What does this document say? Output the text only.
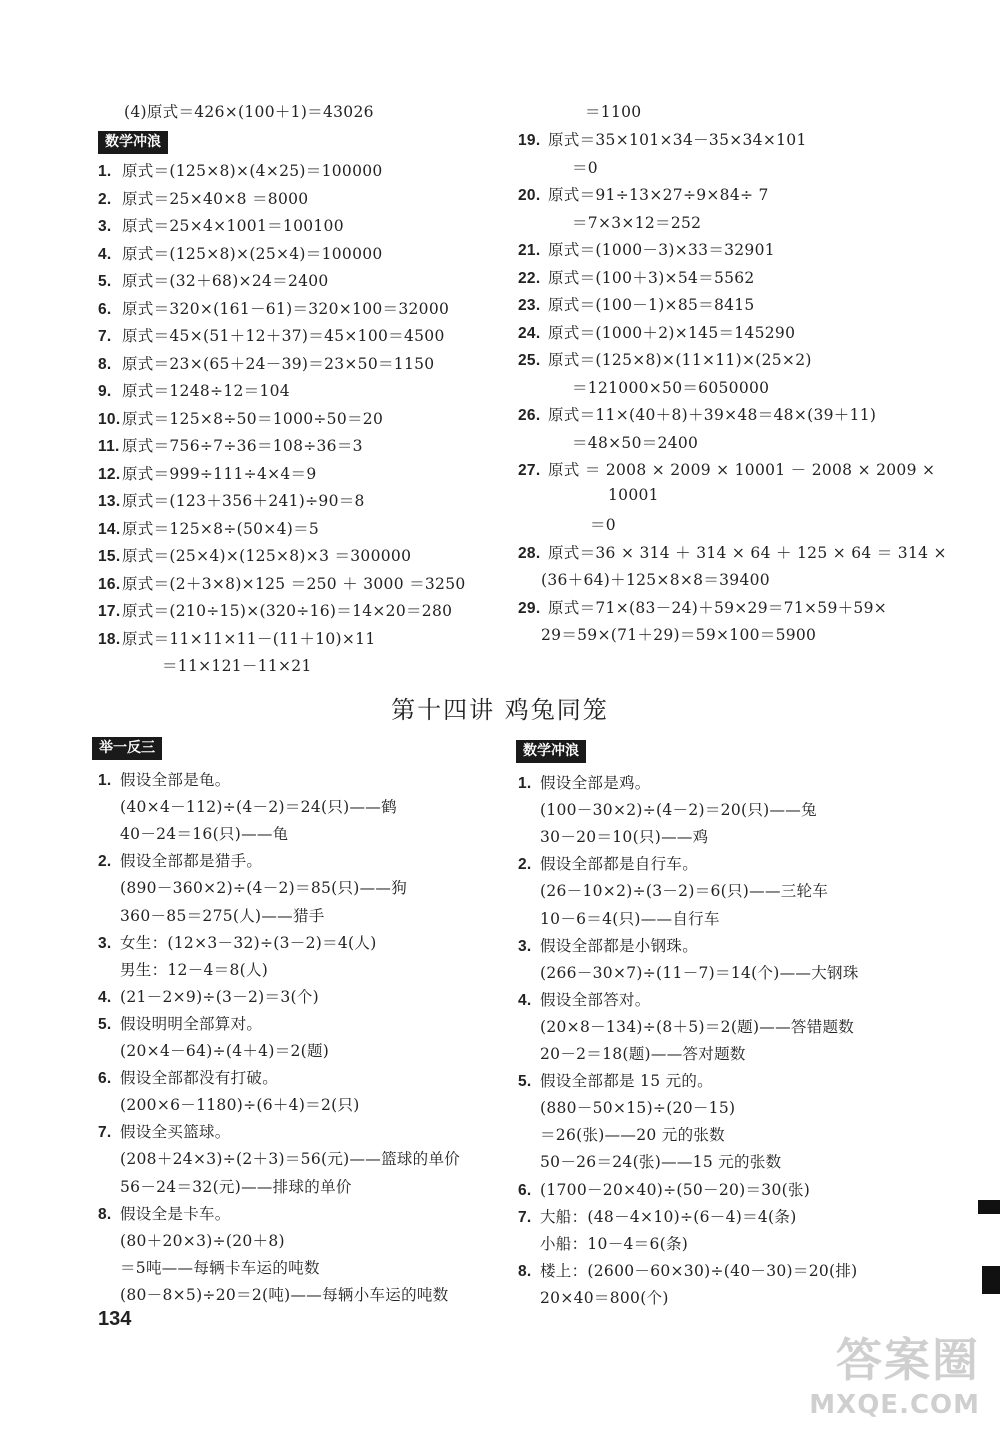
(4)原式＝426×(100＋1)＝43026
数学冲浪
1. 原式＝(125×8)×(4×25)＝100000
2. 原式＝25×40×8 ＝8000
3. 原式＝25×4×1001＝100100
4. 原式＝(125×8)×(25×4)＝100000
5. 原式＝(32＋68)×24＝2400
6. 原式＝320×(161－61)＝320×100＝32000
7. 原式＝45×(51＋12＋37)＝45×100＝4500
8. 原式＝23×(65＋24－39)＝23×50＝1150
9. 原式＝1248÷12＝104
10.原式＝125×8÷50＝1000÷50＝20
11. 原式＝756÷7÷36＝108÷36＝3
12.原式＝999÷111÷4×4＝9
13.原式＝(123＋356＋241)÷90＝8
14.原式＝125×8÷(50×4)＝5
15.原式＝(25×4)×(125×8)×3 ＝300000
16.原式＝(2＋3×8)×125 ＝250 ＋ 3000 ＝3250
17.原式＝(210÷15)×(320÷16)＝14×20＝280
18.原式＝11×11×11－(11＋10)×11
＝11×121－11×21
＝1100
19. 原式＝35×101×34－35×34×101
＝0
20. 原式＝91÷13×27÷9×84÷ 7
＝7×3×12＝252
21. 原式＝(1000－3)×33＝32901
22. 原式＝(100＋3)×54＝5562
23. 原式＝(100－1)×85＝8415
24. 原式＝(1000＋2)×145＝145290
25. 原式＝(125×8)×(11×11)×(25×2)
＝121000×50＝6050000
26. 原式＝11×(40＋8)＋39×48＝48×(39＋11)
＝48×50＝2400
27. 原式 ＝ 2008 × 2009 × 10001 － 2008 × 2009 ×
10001
＝0
28. 原式＝36 × 314 ＋ 314 × 64 ＋ 125 × 64 ＝ 314 ×
(36＋64)＋125×8×8＝39400
29. 原式＝71×(83－24)＋59×29＝71×59＋59×
29＝59×(71＋29)＝59×100＝5900
第十四讲 鸡兔同笼
举一反三	数学冲浪
1. 假设全部是龟。
(40×4－112)÷(4－2)＝24(只)——鹤
40－24＝16(只)——龟
2. 假设全部都是猎手。
(890－360×2)÷(4－2)＝85(只)——狗
360－85＝275(人)——猎手
3. 女生：(12×3－32)÷(3－2)＝4(人)
男生：12－4＝8(人)
4. (21－2×9)÷(3－2)＝3(个)
5. 假设明明全部算对。
(20×4－64)÷(4＋4)＝2(题)
6. 假设全部都没有打破。
(200×6－1180)÷(6＋4)＝2(只)
7. 假设全买篮球。
(208＋24×3)÷(2＋3)＝56(元)——篮球的单价
56－24＝32(元)——排球的单价
8. 假设全是卡车。
(80＋20×3)÷(20＋8)
＝5吨——每辆卡车运的吨数
(80－8×5)÷20＝2(吨)——每辆小车运的吨数
1. 假设全部是鸡。
(100－30×2)÷(4－2)＝20(只)——兔
30－20＝10(只)——鸡
2. 假设全部都是自行车。
(26－10×2)÷(3－2)＝6(只)——三轮车
10－6＝4(只)——自行车
3. 假设全部都是小钢珠。
(266－30×7)÷(11－7)＝14(个)——大钢珠
4. 假设全部答对。
(20×8－134)÷(8＋5)＝2(题)——答错题数
20－2＝18(题)——答对题数
5. 假设全部都是 15 元的。
(880－50×15)÷(20－15)
＝26(张)——20 元的张数
50－26＝24(张)——15 元的张数
6. (1700－20×40)÷(50－20)＝30(张)
7. 大船：(48－4×10)÷(6－4)＝4(条)
小船：10－4＝6(条)
8. 楼上：(2600－60×30)÷(40－30)＝20(排)
20×40＝800(个)
134
答案圈
MXQE.COM
